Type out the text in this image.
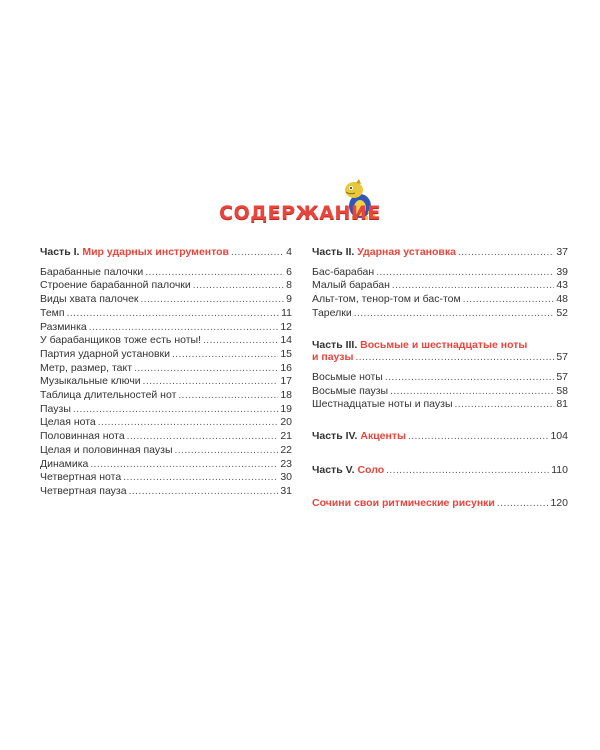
СОДЕРЖАНИЕ
Часть I. Мир ударных инструментов .....	4
Барабанные палочки .....	6
Строение барабанной палочки .....	8
Виды хвата палочек .....	9
Темп .....	11
Разминка .....	12
У барабанщиков тоже есть ноты! .....	14
Партия ударной установки .....	15
Метр, размер, такт .....	16
Музыкальные ключи .....	17
Таблица длительностей нот .....	18
Паузы .....	19
Целая нота .....	20
Половинная нота .....	21
Целая и половинная паузы .....	22
Динамика .....	23
Четвертная нота .....	30
Четвертная пауза .....	31
Часть II. Ударная установка .....	37
Бас-барабан .....	39
Малый барабан .....	43
Альт-том, тенор-том и бас-том .....	48
Тарелки .....	52
Часть III. Восьмые и шестнадцатые ноты
и паузы .....	57
Восьмые ноты .....	57
Восьмые паузы .....	58
Шестнадцатые ноты и паузы .....	81
Часть IV. Акценты .....	104
Часть V. Соло .....	110
Сочини свои ритмические рисунки .....	120
